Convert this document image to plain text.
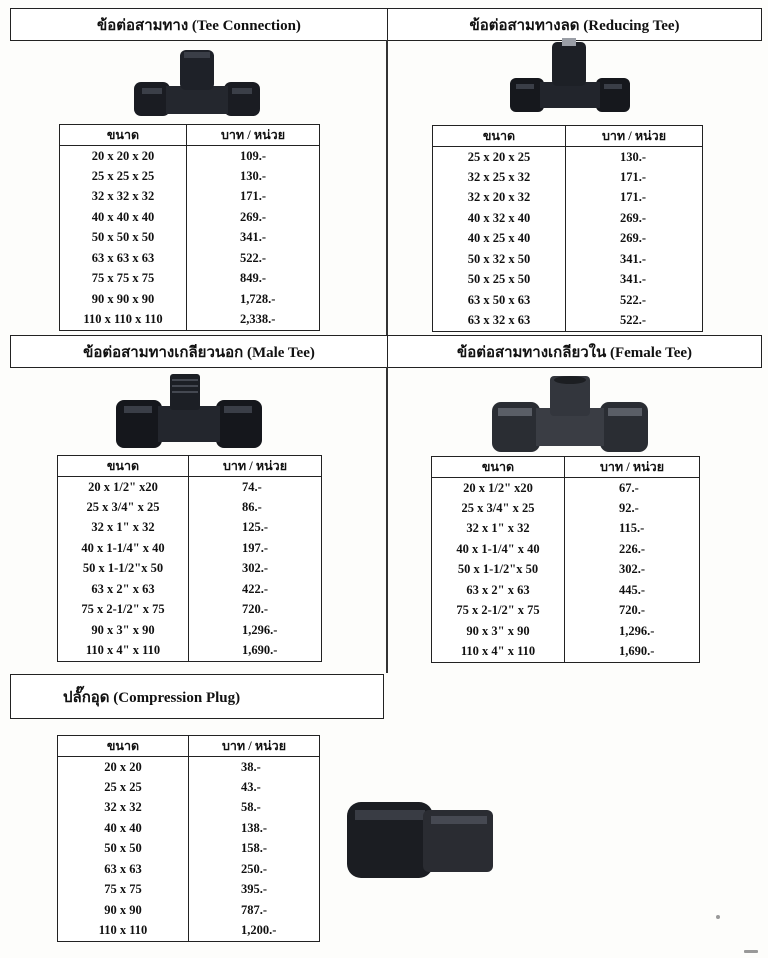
ข้อต่อสามทาง (Tee Connection)	ข้อต่อสามทางลด (Reducing Tee)
ข้อต่อสามทางเกลียวนอก (Male Tee)	ข้อต่อสามทางเกลียวใน (Female Tee)
ปลั๊กอุด (Compression Plug)
ขนาด	บาท / หน่วย
20 x 20 x 20	109.-
25 x 25 x 25	130.-
32 x 32 x 32	171.-
40 x 40 x 40	269.-
50 x 50 x 50	341.-
63 x 63 x 63	522.-
75 x 75 x 75	849.-
90 x 90 x 90	1,728.-
110 x 110 x 110	2,338.-
ขนาด	บาท / หน่วย
25 x 20 x 25	130.-
32 x 25 x 32	171.-
32 x 20 x 32	171.-
40 x 32 x 40	269.-
40 x 25 x 40	269.-
50 x 32 x 50	341.-
50 x 25 x 50	341.-
63 x 50 x 63	522.-
63 x 32 x 63	522.-
ขนาด	บาท / หน่วย
20 x 1/2" x20	74.-
25 x 3/4" x 25	86.-
32 x 1" x 32	125.-
40 x 1-1/4" x 40	197.-
50 x 1-1/2"x 50	302.-
63 x 2" x 63	422.-
75 x 2-1/2" x 75	720.-
90 x 3" x 90	1,296.-
110 x 4" x 110	1,690.-
ขนาด	บาท / หน่วย
20 x 1/2" x20	67.-
25 x 3/4" x 25	92.-
32 x 1" x 32	115.-
40 x 1-1/4" x 40	226.-
50 x 1-1/2"x 50	302.-
63 x 2" x 63	445.-
75 x 2-1/2" x 75	720.-
90 x 3" x 90	1,296.-
110 x 4" x 110	1,690.-
ขนาด	บาท / หน่วย
20 x 20	38.-
25 x 25	43.-
32 x 32	58.-
40 x 40	138.-
50 x 50	158.-
63 x 63	250.-
75 x 75	395.-
90 x 90	787.-
110 x 110	1,200.-
